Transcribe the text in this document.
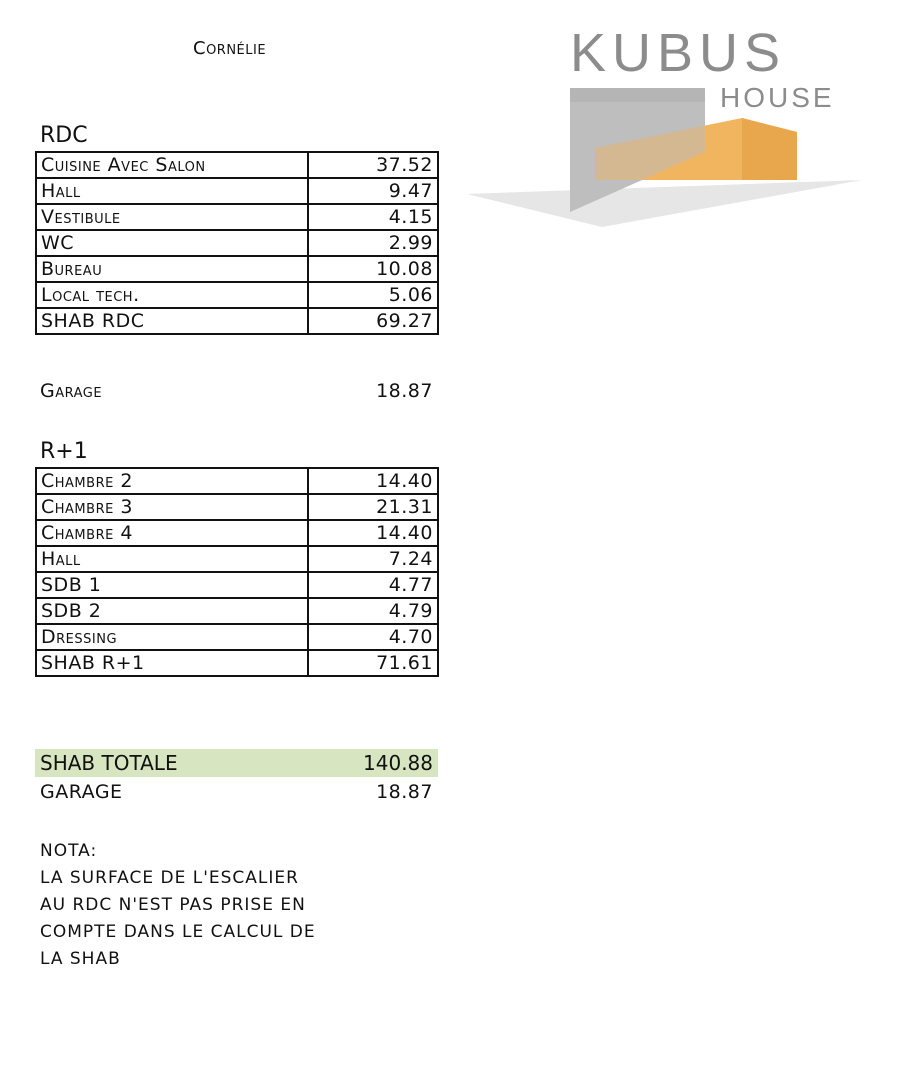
Cornélie	KUBUS
HOUSE
RDC
Cuisine Avec Salon	37.52
Hall	9.47
Vestibule	4.15
WC	2.99
Bureau	10.08
Local tech.	5.06
SHAB RDC	69.27
Garage	18.87
R+1
Chambre 2	14.40
Chambre 3	21.31
Chambre 4	14.40
Hall	7.24
SDB 1	4.77
SDB 2	4.79
Dressing	4.70
SHAB R+1	71.61
SHAB TOTALE	140.88
GARAGE	18.87
NOTA:
LA SURFACE DE L'ESCALIER
AU RDC N'EST PAS PRISE EN
COMPTE DANS LE CALCUL DE
LA SHAB
